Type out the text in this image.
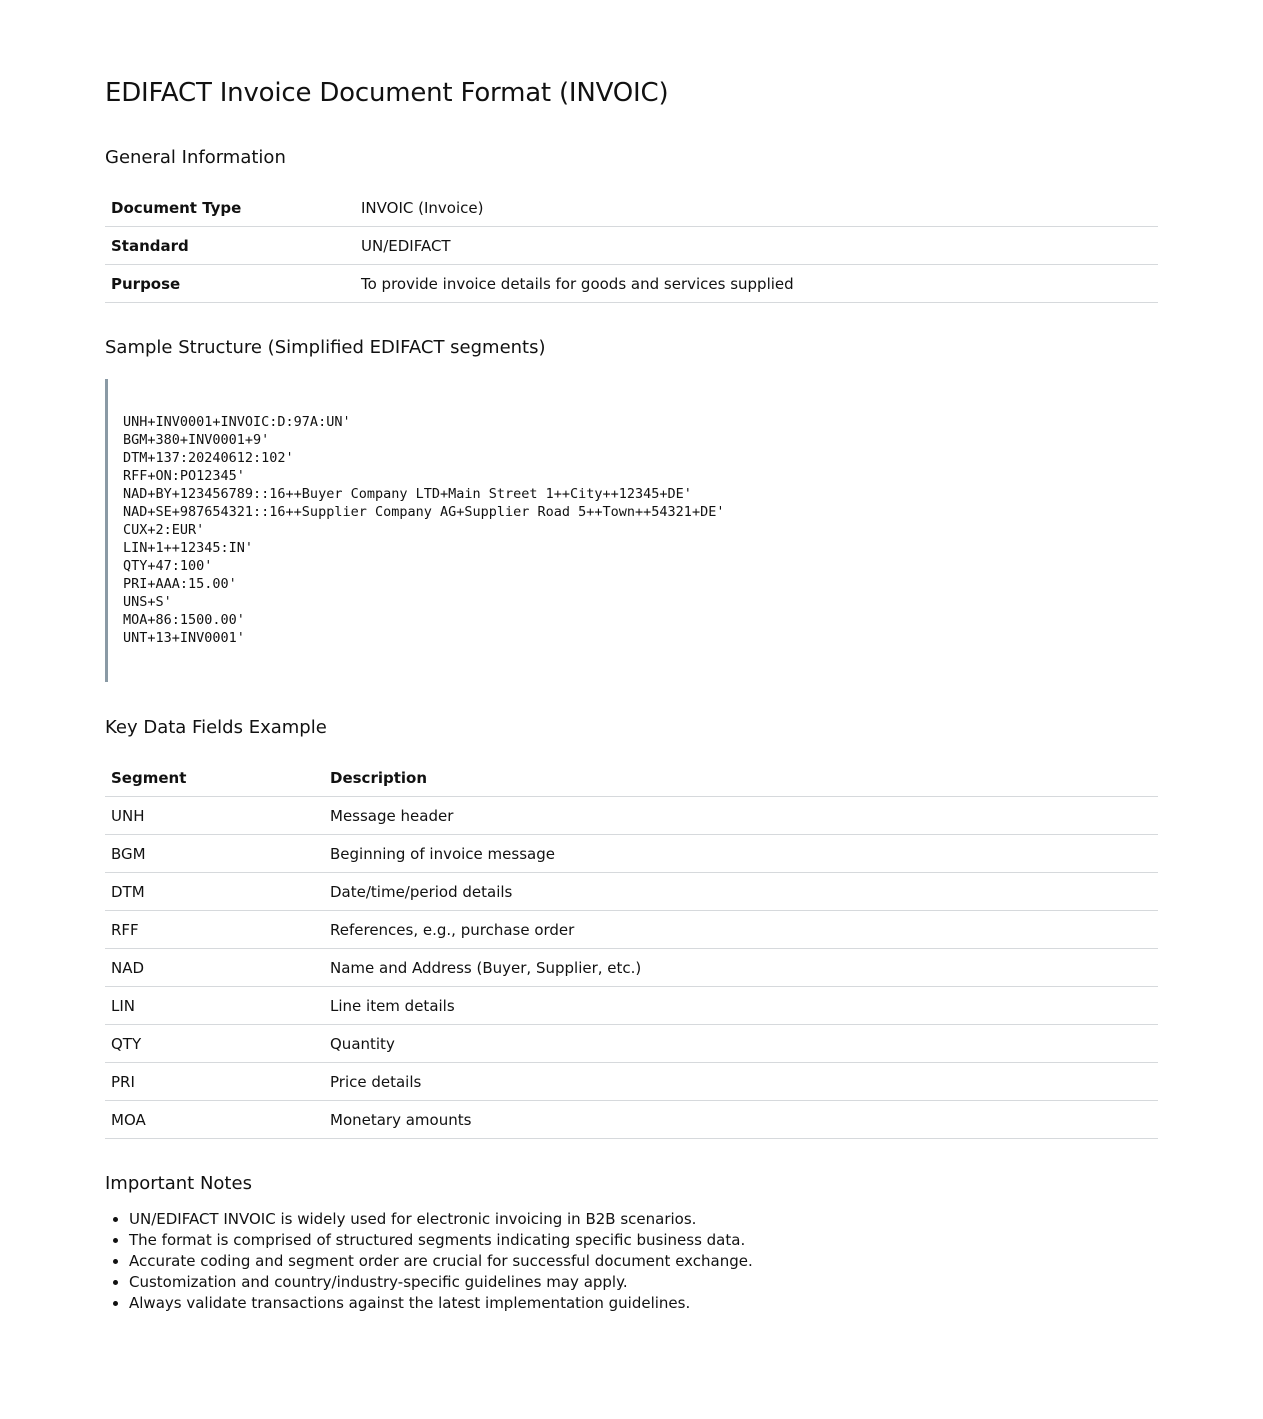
EDIFACT Invoice Document Format (INVOIC)
General Information
Document Type	INVOIC (Invoice)
Standard	UN/EDIFACT
Purpose	To provide invoice details for goods and services supplied
Sample Structure (Simplified EDIFACT segments)
UNH+INV0001+INVOIC:D:97A:UN'
BGM+380+INV0001+9'
DTM+137:20240612:102'
RFF+ON:PO12345'
NAD+BY+123456789::16++Buyer Company LTD+Main Street 1++City++12345+DE'
NAD+SE+987654321::16++Supplier Company AG+Supplier Road 5++Town++54321+DE'
CUX+2:EUR'
LIN+1++12345:IN'
QTY+47:100'
PRI+AAA:15.00'
UNS+S'
MOA+86:1500.00'
UNT+13+INV0001'
Key Data Fields Example
Segment	Description
UNH	Message header
BGM	Beginning of invoice message
DTM	Date/time/period details
RFF	References, e.g., purchase order
NAD	Name and Address (Buyer, Supplier, etc.)
LIN	Line item details
QTY	Quantity
PRI	Price details
MOA	Monetary amounts
Important Notes
• UN/EDIFACT INVOIC is widely used for electronic invoicing in B2B scenarios.
• The format is comprised of structured segments indicating specific business data.
• Accurate coding and segment order are crucial for successful document exchange.
• Customization and country/industry-specific guidelines may apply.
• Always validate transactions against the latest implementation guidelines.
